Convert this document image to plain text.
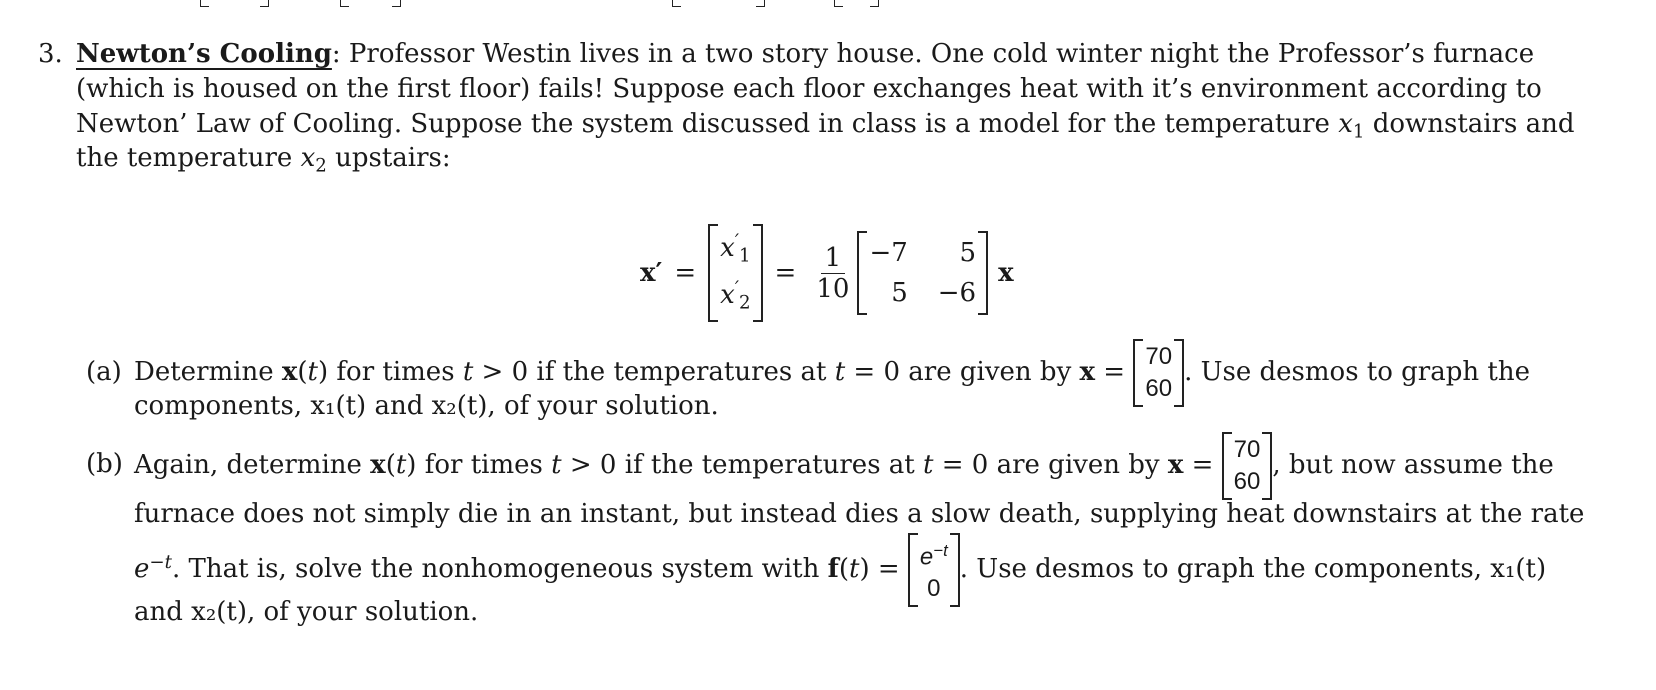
3. Newton’s Cooling: Professor Westin lives in a two story house. One cold winter night the Professor’s furnace
(which is housed on the first floor) fails! Suppose each floor exchanges heat with it’s environment according to
Newton’ Law of Cooling. Suppose the system discussed in class is a model for the temperature $x_1$ downstairs and
the temperature $x_2$ upstairs:
x′ =
$x'_1$
$x'_2$
= $\frac{1}{10} -7$	5
5 −6
x
(a) Determine x(t) for times t > 0 if the temperatures at t = 0 are given by x =
70
60
. Use desmos to graph the
components, x₁(t) and x₂(t), of your solution.
(b) Again, determine x(t) for times t > 0 if the temperatures at t = 0 are given by x =
70
60
, but now assume the
furnace does not simply die in an instant, but instead dies a slow death, supplying heat downstairs at the rate
$e^{-t}$. That is, solve the nonhomogeneous system with $f(t) = e^{-t}$
0
. Use desmos to graph the components, x₁(t)
and x₂(t), of your solution.
